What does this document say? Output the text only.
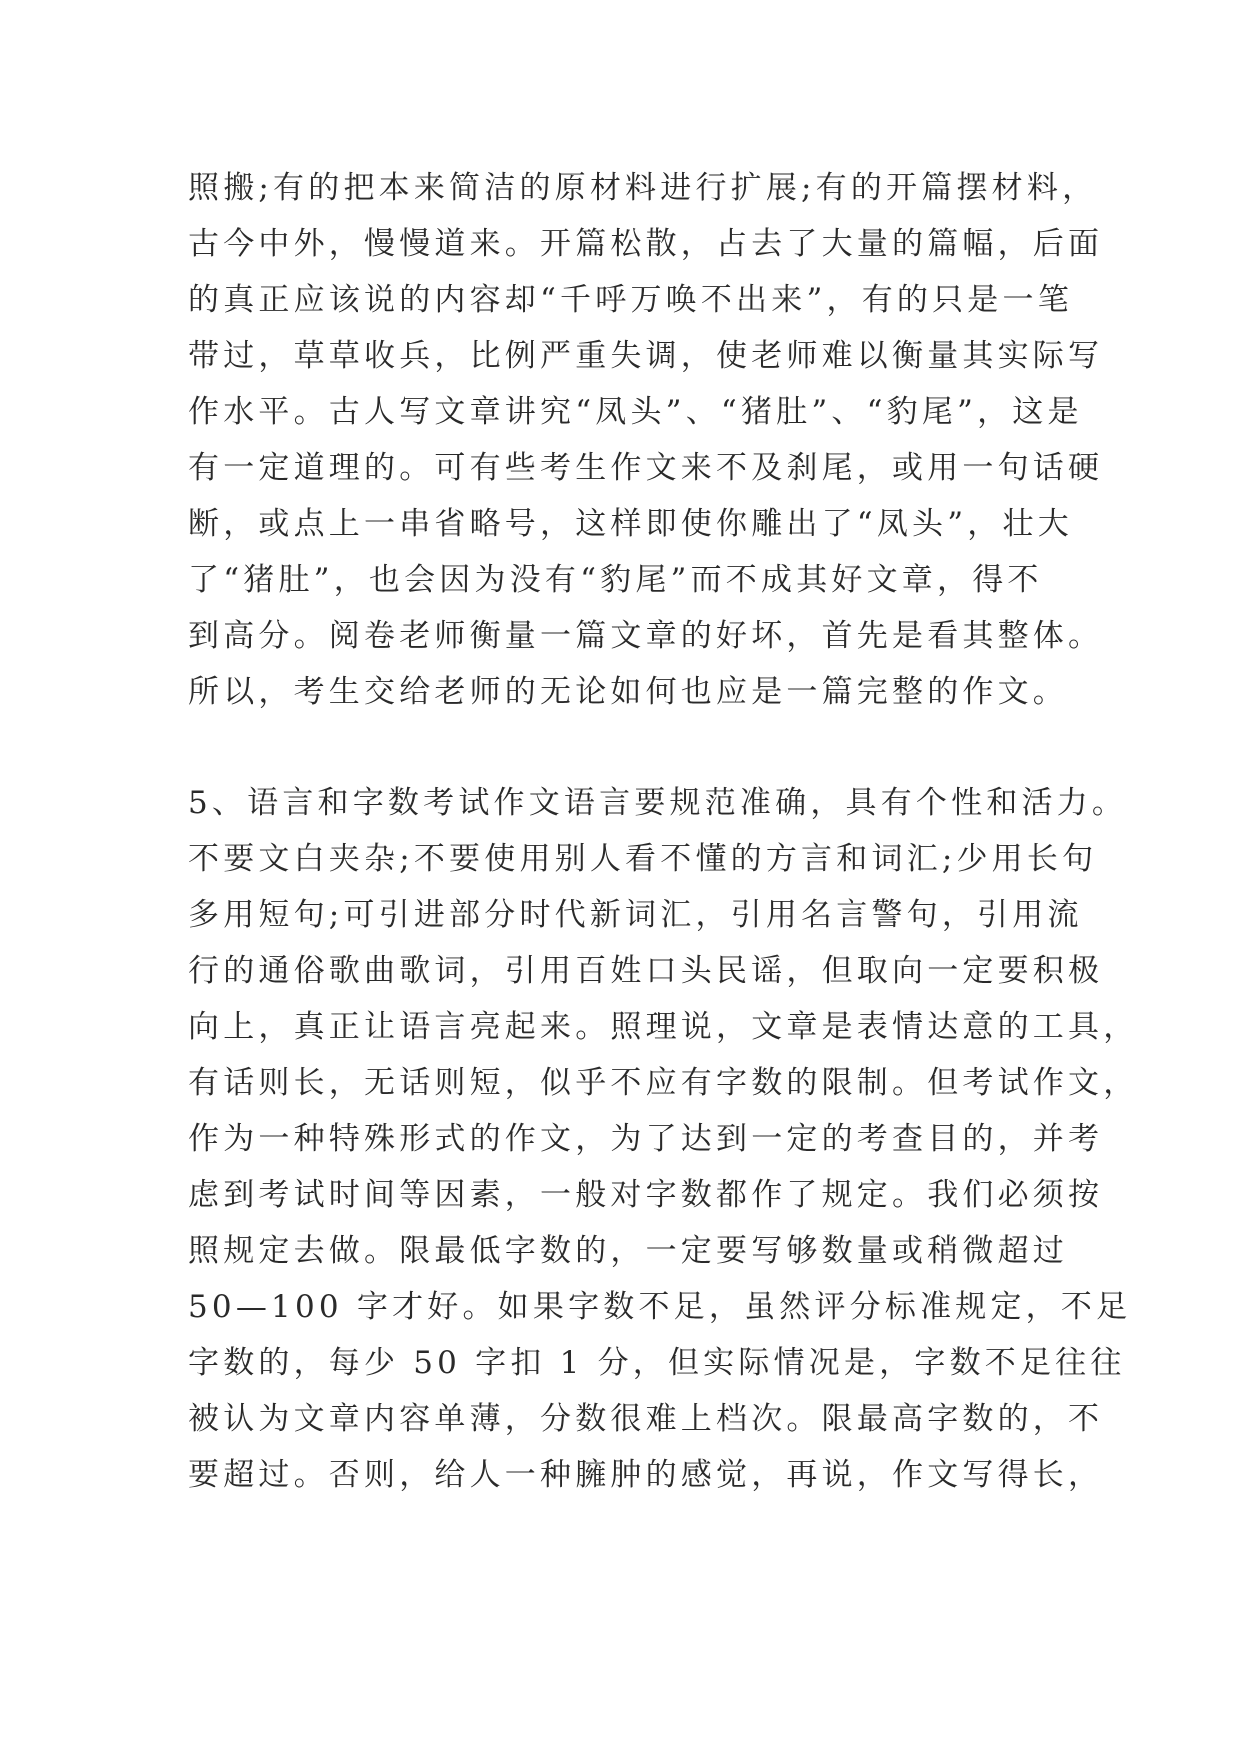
照搬;有的把本来简洁的原材料进行扩展;有的开篇摆材料，
古今中外，慢慢道来。开篇松散，占去了大量的篇幅，后面
的真正应该说的内容却“千呼万唤不出来”，有的只是一笔
带过，草草收兵，比例严重失调，使老师难以衡量其实际写
作水平。古人写文章讲究“凤头”、“猪肚”、“豹尾”，这是
有一定道理的。可有些考生作文来不及刹尾，或用一句话硬
断，或点上一串省略号，这样即使你雕出了“凤头”，壮大
了“猪肚”，也会因为没有“豹尾”而不成其好文章，得不
到高分。阅卷老师衡量一篇文章的好坏，首先是看其整体。
所以，考生交给老师的无论如何也应是一篇完整的作文。
5、语言和字数考试作文语言要规范准确，具有个性和活力。
不要文白夹杂;不要使用别人看不懂的方言和词汇;少用长句
多用短句;可引进部分时代新词汇，引用名言警句，引用流
行的通俗歌曲歌词，引用百姓口头民谣，但取向一定要积极
向上，真正让语言亮起来。照理说，文章是表情达意的工具，
有话则长，无话则短，似乎不应有字数的限制。但考试作文，
作为一种特殊形式的作文，为了达到一定的考查目的，并考
虑到考试时间等因素，一般对字数都作了规定。我们必须按
照规定去做。限最低字数的，一定要写够数量或稍微超过
50—100 字才好。如果字数不足，虽然评分标准规定，不足
字数的，每少 50 字扣 1 分，但实际情况是，字数不足往往
被认为文章内容单薄，分数很难上档次。限最高字数的，不
要超过。否则，给人一种臃肿的感觉，再说，作文写得长，
